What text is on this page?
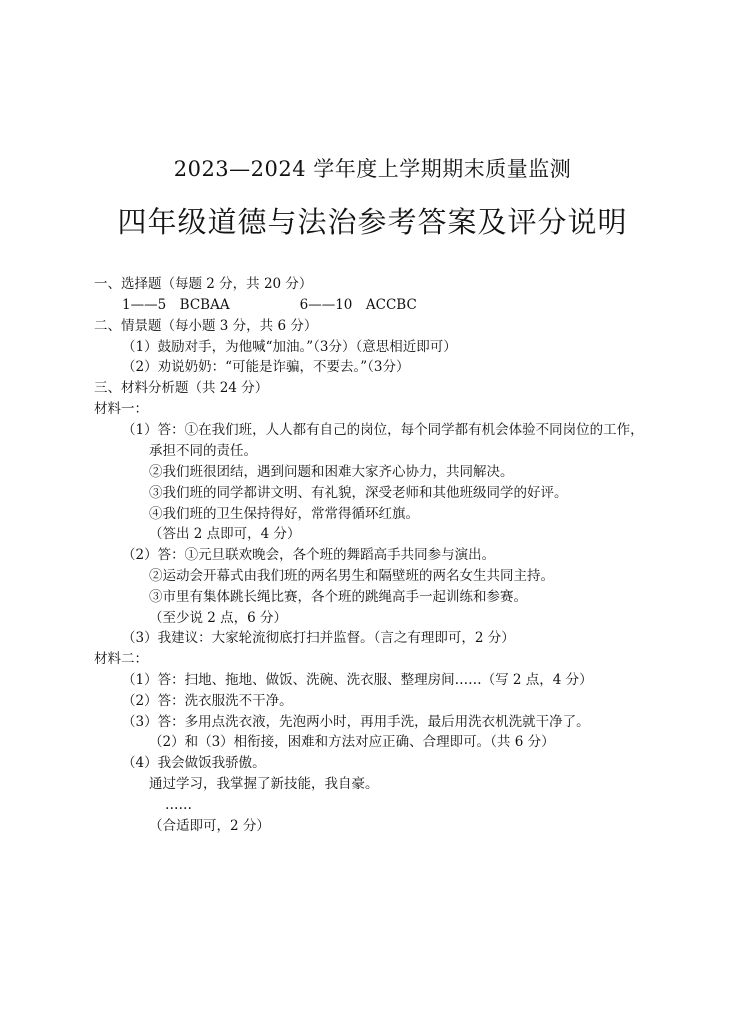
2023—2024 学年度上学期期末质量监测
四年级道德与法治参考答案及评分说明
一、选择题（每题 2 分，共 20 分）
1——5　BCBAA	6——10　ACCBC
二、情景题（每小题 3 分，共 6 分）
（1）鼓励对手，为他喊“加油。”（3分）（意思相近即可）
（2）劝说奶奶：“可能是诈骗，不要去。”（3分）
三、材料分析题（共 24 分）
材料一：
（1）答：①在我们班，人人都有自己的岗位，每个同学都有机会体验不同岗位的工作，
承担不同的责任。
②我们班很团结，遇到问题和困难大家齐心协力，共同解决。
③我们班的同学都讲文明、有礼貌，深受老师和其他班级同学的好评。
④我们班的卫生保持得好，常常得循环红旗。
（答出 2 点即可，4 分）
（2）答：①元旦联欢晚会，各个班的舞蹈高手共同参与演出。
②运动会开幕式由我们班的两名男生和隔壁班的两名女生共同主持。
③市里有集体跳长绳比赛，各个班的跳绳高手一起训练和参赛。
（至少说 2 点，6 分）
（3）我建议：大家轮流彻底打扫并监督。（言之有理即可，2 分）
材料二：
（1）答：扫地、拖地、做饭、洗碗、洗衣服、整理房间……（写 2 点，4 分）
（2）答：洗衣服洗不干净。
（3）答：多用点洗衣液，先泡两小时，再用手洗，最后用洗衣机洗就干净了。
（2）和（3）相衔接，困难和方法对应正确、合理即可。（共 6 分）
（4）我会做饭我骄傲。
通过学习，我掌握了新技能，我自豪。
……
（合适即可，2 分）
